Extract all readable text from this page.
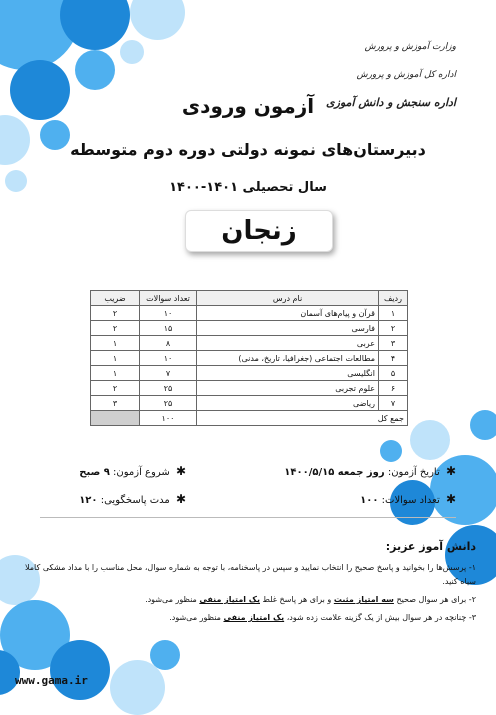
وزارت آموزش و پرورش
اداره کل آموزش و پرورش
اداره سنجش و دانش آموزی
آزمون ورودی
دبیرستان‌های نمونه دولتی دوره دوم متوسطه
سال تحصیلی ۱۴۰۱-۱۴۰۰
زنجان
ردیف	نام درس	تعداد سوالات	ضریب
۱	قرآن و پیام‌های آسمان	۱۰	۲
۲	فارسی	۱۵	۲
۳	عربی	۸	۱
۴	مطالعات اجتماعی (جغرافیا، تاریخ، مدنی)	۱۰	۱
۵	انگلیسی	۷	۱
۶	علوم تجربی	۲۵	۲
۷	ریاضی	۲۵	۳
جمع کل		۱۰۰	
✱ تاریخ آزمون: روز جمعه ۱۴۰۰/۵/۱۵
✱ شروع آزمون: ۹ صبح
✱ تعداد سوالات: ۱۰۰
✱ مدت پاسخگویی: ۱۲۰
دانش آموز عزیز:
۱- پرسش‌ها را بخوانید و پاسخ صحیح را انتخاب نمایید و سپس در پاسخنامه، با توجه به شماره سوال، محل مناسب را با مداد مشکی کاملا سیاه کنید.
۲- برای هر سوال صحیح سه امتیاز مثبت و برای هر پاسخ غلط یک امتیاز منفی منظور می‌شود.
۳- چنانچه در هر سوال بیش از یک گزینه علامت زده شود، یک امتیاز منفی منظور می‌شود.
www.gama.ir
